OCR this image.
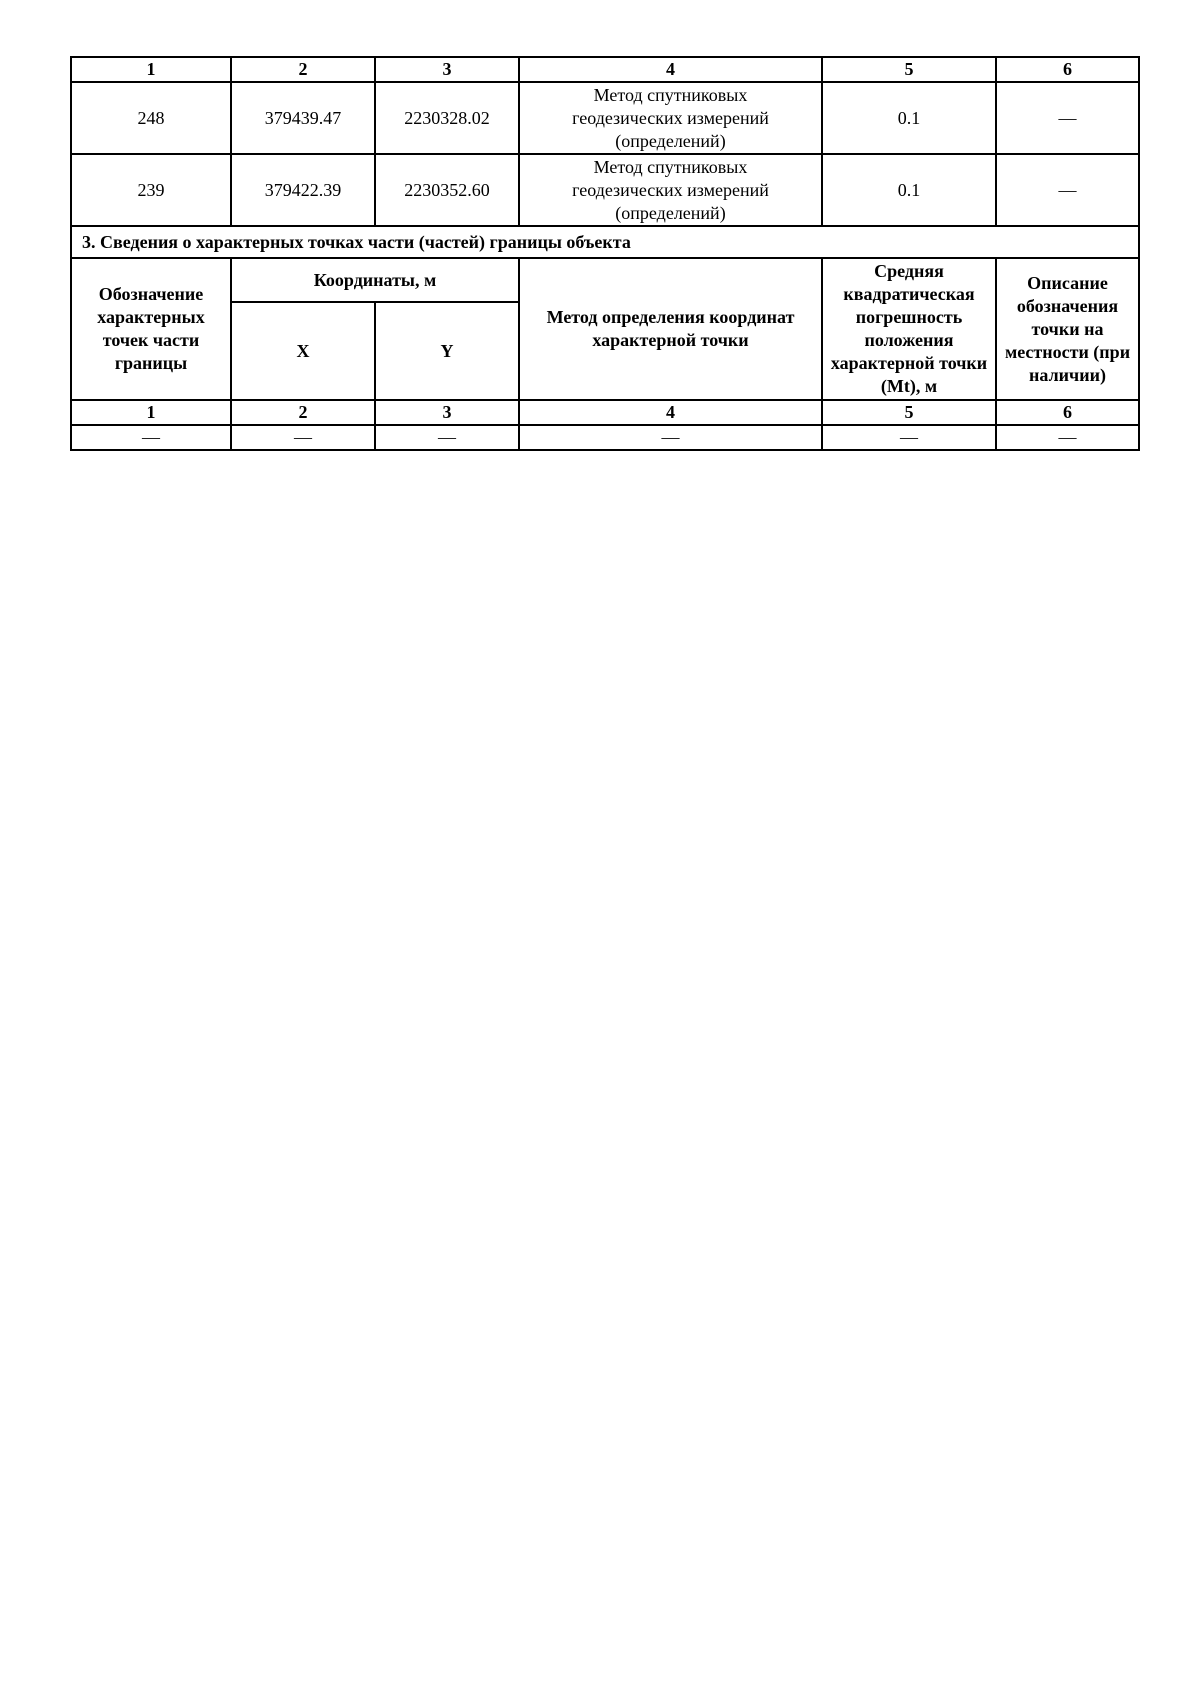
1	2	3	4	5	6
248	379439.47	2230328.02	Метод спутниковых
геодезических измерений
(определений)	0.1	—
239	379422.39	2230352.60	Метод спутниковых
геодезических измерений
(определений)	0.1	—
3. Сведения о характерных точках части (частей) границы объекта					
Обозначение характерных точек части границы	Координаты, м		Метод определения координат характерной точки	Средняя квадратическая погрешность положения характерной точки (Mt), м	Описание обозначения точки на местности (при наличии)
	X	Y			
1	2	3	4	5	6
—	—	—	—	—	—
